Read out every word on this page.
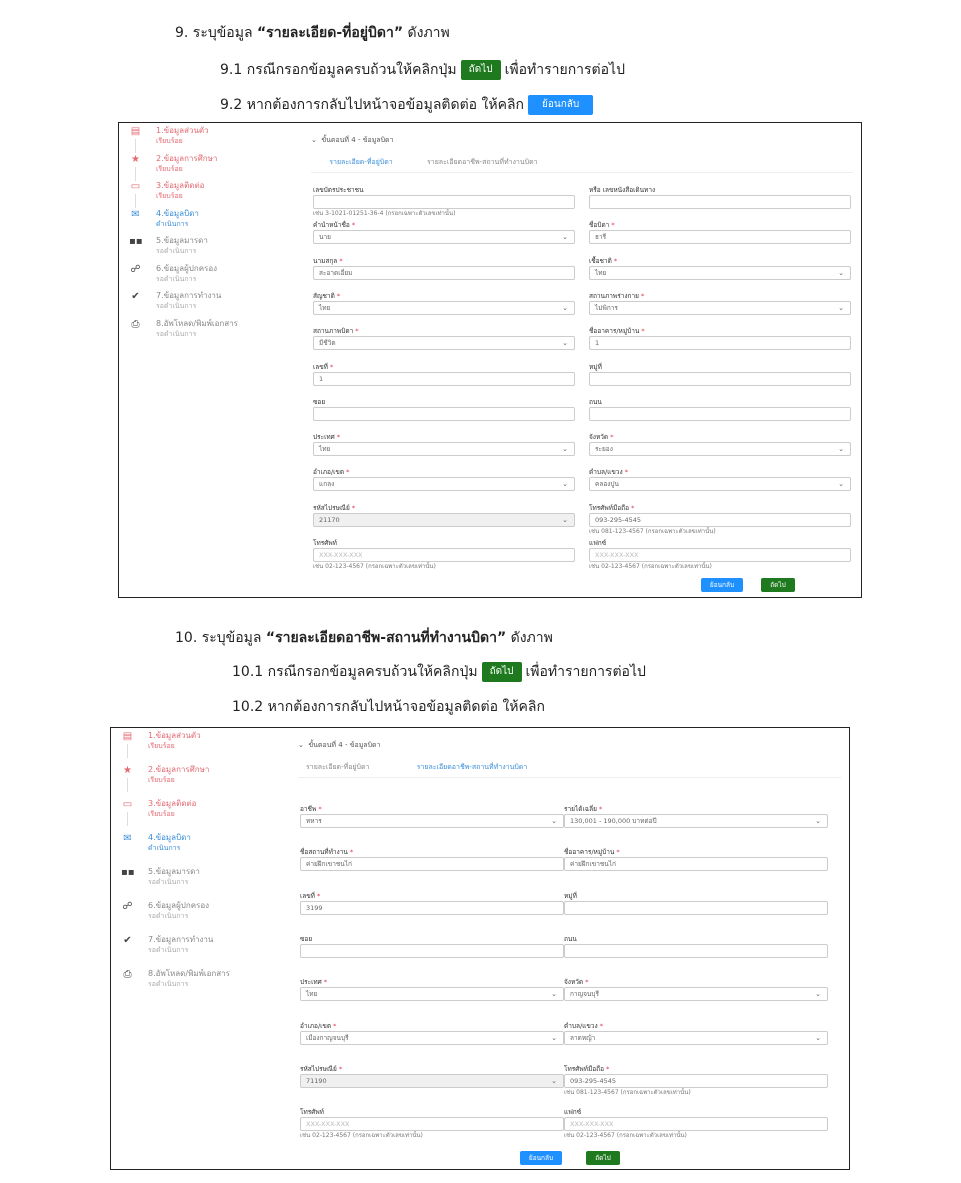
9. ระบุข้อมูล “รายละเอียด-ที่อยู่บิดา” ดังภาพ
9.1 กรณีกรอกข้อมูลครบถ้วนให้คลิกปุ่ม ถัดไป เพื่อทำรายการต่อไป
9.2 หากต้องการกลับไปหน้าจอข้อมูลติดต่อ ให้คลิก ย้อนกลับ
▤ 1.ข้อมูลส่วนตัว
เรียบร้อย
★ 2.ข้อมูลการศึกษา
เรียบร้อย
▭ 3.ข้อมูลติดต่อ
เรียบร้อย
✉ 4.ข้อมูลบิดา
ดำเนินการ
▪▪ 5.ข้อมูลมารดา
รอดำเนินการ
☍ 6.ข้อมูลผู้ปกครอง
รอดำเนินการ
✔ 7.ข้อมูลการทำงาน
รอดำเนินการ
⎙	8.อัพโหลด/พิมพ์เอกสาร
รอดำเนินการ
⌄  ขั้นตอนที่ 4 - ข้อมูลบิดา
รายละเอียด-ที่อยู่บิดา	รายละเอียดอาชีพ-สถานที่ทำงานบิดา
เลขบัตรประชาชน
เช่น 3-1021-01251-36-4 (กรอกเฉพาะตัวเลขเท่านั้น)
หรือ เลขหนังสือเดินทาง
คำนำหน้าชื่อ *
นาย	⌄
ชื่อบิดา *
ธารี
นามสกุล *
สะอาดเอี่ยม
เชื้อชาติ *
ไทย	⌄
สัญชาติ *
ไทย	⌄
สถานภาพร่างกาย *
ไม่พิการ	⌄
สถานภาพบิดา *
มีชีวิต	⌄
ชื่ออาคาร/หมู่บ้าน *
1
เลขที่ *
1
หมู่ที่
ซอย	ถนน
ประเทศ *
ไทย	⌄
จังหวัด *
ระยอง	⌄
อำเภอ/เขต *
แกลง	⌄
ตำบล/แขวง *
คลองปูน	⌄
รหัสไปรษณีย์ *
21170	⌄
โทรศัพท์มือถือ *
093-295-4545
เช่น 081-123-4567 (กรอกเฉพาะตัวเลขเท่านั้น)
โทรศัพท์
XXX-XXX-XXX
เช่น 02-123-4567 (กรอกเฉพาะตัวเลขเท่านั้น)
แฟกซ์
XXX-XXX-XXX
เช่น 02-123-4567 (กรอกเฉพาะตัวเลขเท่านั้น)
ย้อนกลับ	ถัดไป
10. ระบุข้อมูล “รายละเอียดอาชีพ-สถานที่ทำงานบิดา” ดังภาพ
10.1 กรณีกรอกข้อมูลครบถ้วนให้คลิกปุ่ม ถัดไป เพื่อทำรายการต่อไป
10.2 หากต้องการกลับไปหน้าจอข้อมูลติดต่อ ให้คลิก
▤ 1.ข้อมูลส่วนตัว
เรียบร้อย
★ 2.ข้อมูลการศึกษา
เรียบร้อย
▭ 3.ข้อมูลติดต่อ
เรียบร้อย
✉ 4.ข้อมูลบิดา
ดำเนินการ
▪▪ 5.ข้อมูลมารดา
รอดำเนินการ
☍ 6.ข้อมูลผู้ปกครอง
รอดำเนินการ
✔ 7.ข้อมูลการทำงาน
รอดำเนินการ
⎙	8.อัพโหลด/พิมพ์เอกสาร
รอดำเนินการ
⌄  ขั้นตอนที่ 4 - ข้อมูลบิดา
รายละเอียด-ที่อยู่บิดา	รายละเอียดอาชีพ-สถานที่ทำงานบิดา
อาชีพ *
ทหาร	⌄
รายได้เฉลี่ย *
130,001 - 190,000 บาทต่อปี	⌄
ชื่อสถานที่ทำงาน *
ค่ายฝึกเขาชนไก่
ชื่ออาคาร/หมู่บ้าน *
ค่ายฝึกเขาชนไก่
เลขที่ *
3199
หมู่ที่
ซอย	ถนน
ประเทศ *
ไทย	⌄
จังหวัด *
กาญจนบุรี	⌄
อำเภอ/เขต *
เมืองกาญจนบุรี	⌄
ตำบล/แขวง *
ลาดหญ้า	⌄
รหัสไปรษณีย์ *
71190	⌄
โทรศัพท์มือถือ *
093-295-4545
เช่น 081-123-4567 (กรอกเฉพาะตัวเลขเท่านั้น)
โทรศัพท์
XXX-XXX-XXX
เช่น 02-123-4567 (กรอกเฉพาะตัวเลขเท่านั้น)
แฟกซ์
XXX-XXX-XXX
เช่น 02-123-4567 (กรอกเฉพาะตัวเลขเท่านั้น)
ย้อนกลับ	ถัดไป
